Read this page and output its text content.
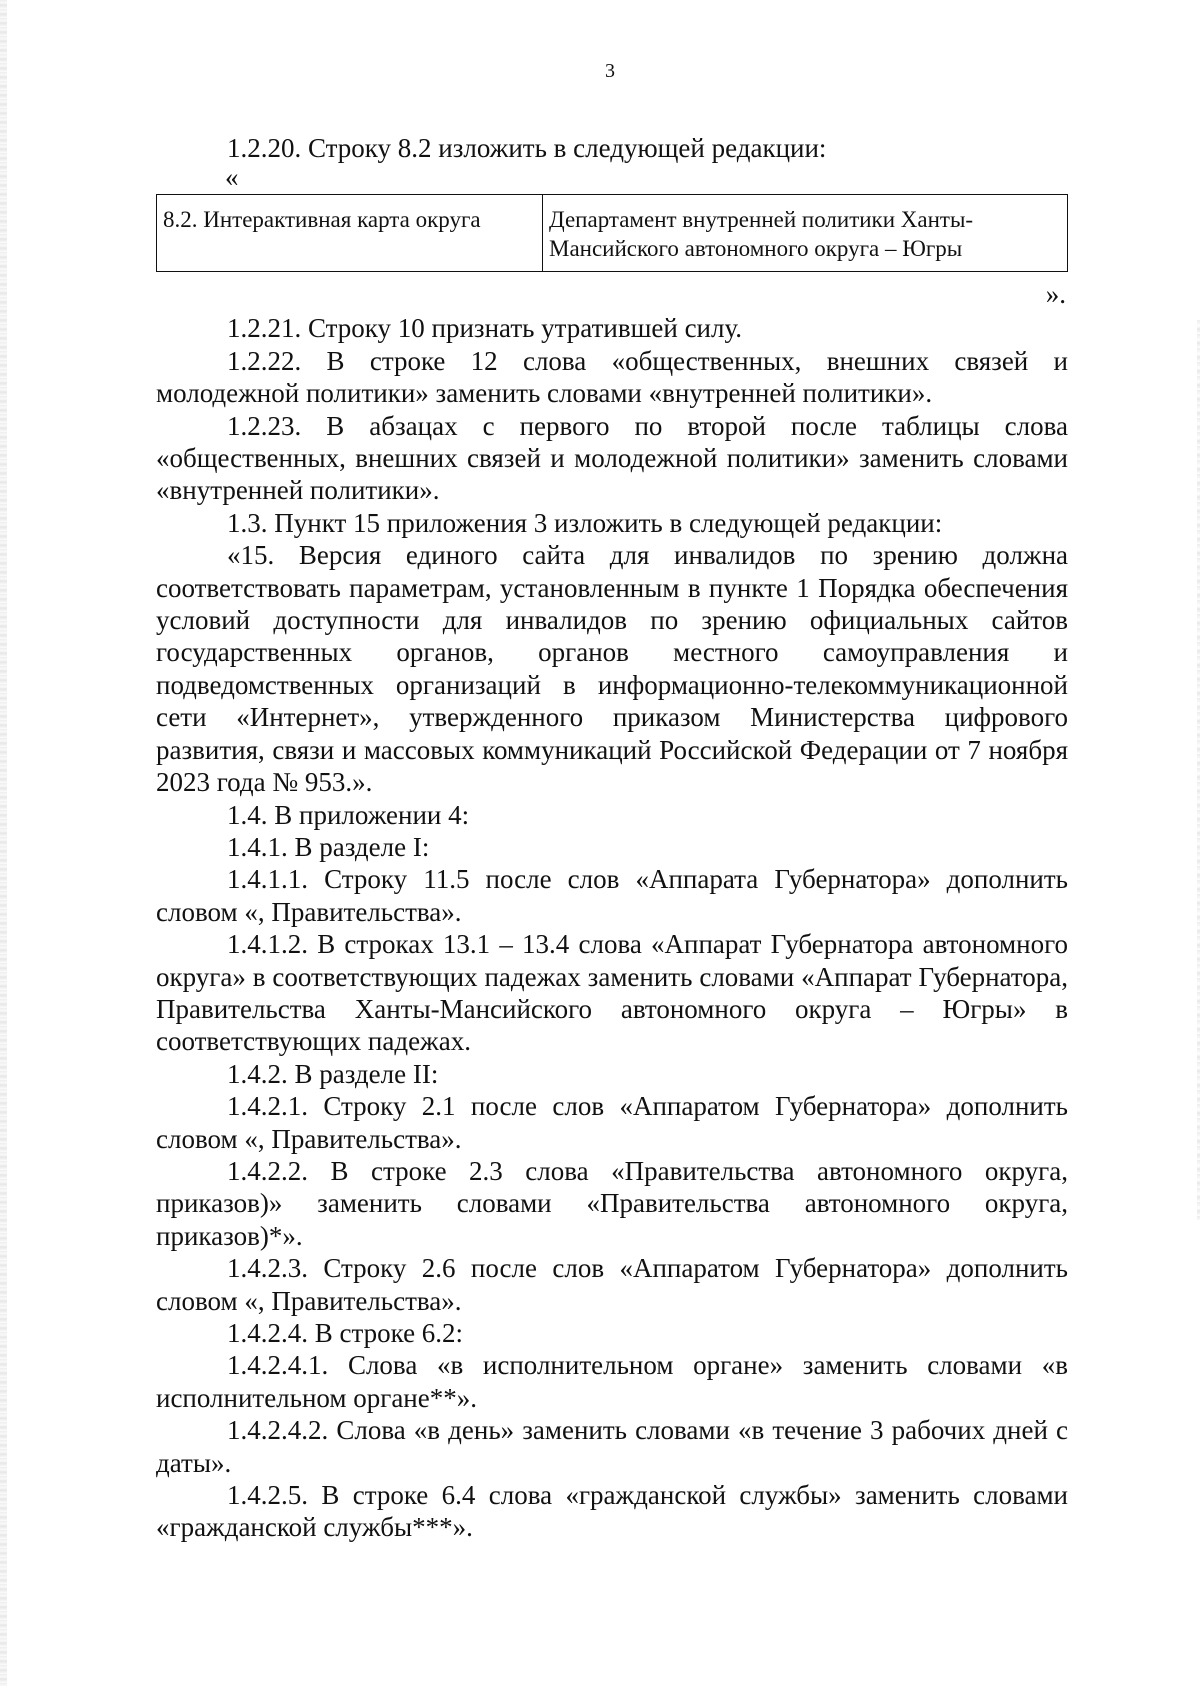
3

1.2.20. Строку 8.2 изложить в следующей редакции:

«

8.2. Интерактивная карта округа	Департамент внутренней политики Ханты-Мансийского автономного округа – Югры

».

1.2.21. Строку 10 признать утратившей силу.

1.2.22. В строке 12 слова «общественных, внешних связей и молодежной политики» заменить словами «внутренней политики».

1.2.23. В абзацах с первого по второй после таблицы слова «общественных, внешних связей и молодежной политики» заменить словами «внутренней политики».

1.3. Пункт 15 приложения 3 изложить в следующей редакции:

«15. Версия единого сайта для инвалидов по зрению должна соответствовать параметрам, установленным в пункте 1 Порядка обеспечения условий доступности для инвалидов по зрению официальных сайтов государственных органов, органов местного самоуправления и подведомственных организаций в информационно-телекоммуникационной сети «Интернет», утвержденного приказом Министерства цифрового развития, связи и массовых коммуникаций Российской Федерации от 7 ноября 2023 года № 953.».

1.4. В приложении 4:

1.4.1. В разделе I:

1.4.1.1. Строку 11.5 после слов «Аппарата Губернатора» дополнить словом «, Правительства».

1.4.1.2. В строках 13.1 – 13.4 слова «Аппарат Губернатора автономного округа» в соответствующих падежах заменить словами «Аппарат Губернатора, Правительства Ханты-Мансийского автономного округа – Югры» в соответствующих падежах.

1.4.2. В разделе II:

1.4.2.1. Строку 2.1 после слов «Аппаратом Губернатора» дополнить словом «, Правительства».

1.4.2.2. В строке 2.3 слова «Правительства автономного округа, приказов)» заменить словами «Правительства автономного округа, приказов)*».

1.4.2.3. Строку 2.6 после слов «Аппаратом Губернатора» дополнить словом «, Правительства».

1.4.2.4. В строке 6.2:

1.4.2.4.1. Слова «в исполнительном органе» заменить словами «в исполнительном органе**».

1.4.2.4.2. Слова «в день» заменить словами «в течение 3 рабочих дней с даты».

1.4.2.5. В строке 6.4 слова «гражданской службы» заменить словами «гражданской службы***».
